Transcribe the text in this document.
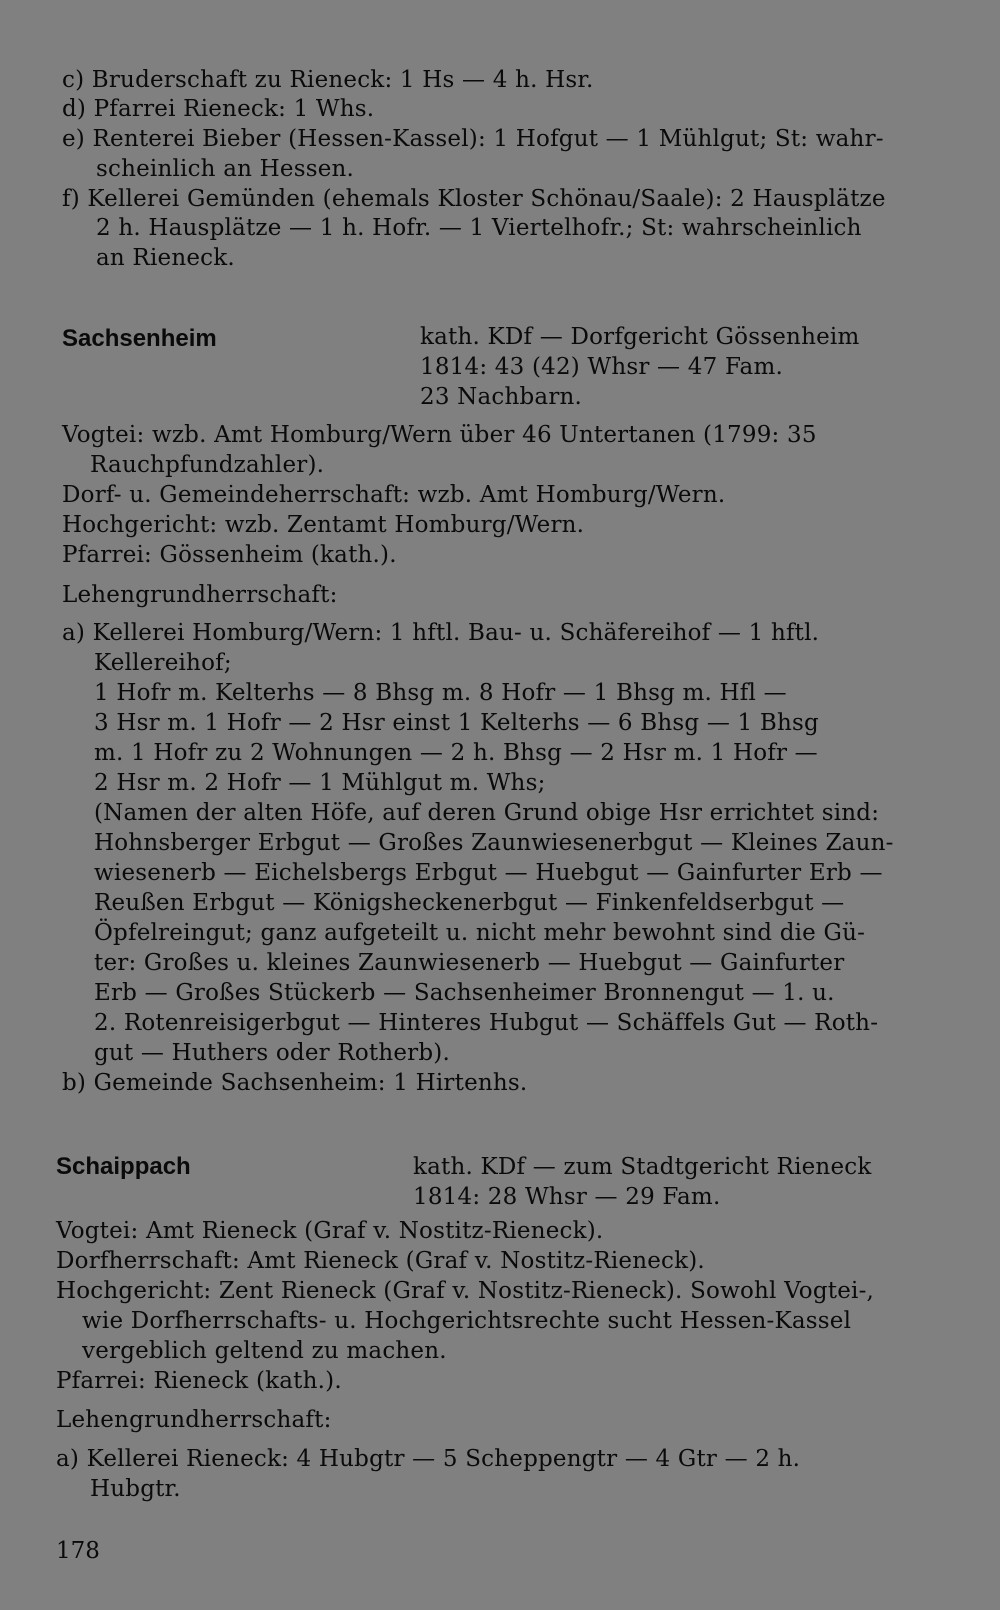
c) Bruderschaft zu Rieneck: 1 Hs — 4 h. Hsr.
d) Pfarrei Rieneck: 1 Whs.
e) Renterei Bieber (Hessen-Kassel): 1 Hofgut — 1 Mühlgut; St: wahr-
scheinlich an Hessen.
f) Kellerei Gemünden (ehemals Kloster Schönau/Saale): 2 Hausplätze
2 h. Hausplätze — 1 h. Hofr. — 1 Viertelhofr.; St: wahrscheinlich
an Rieneck.
Sachsenheim	kath. KDf — Dorfgericht Gössenheim
1814: 43 (42) Whsr — 47 Fam.
23 Nachbarn.
Vogtei: wzb. Amt Homburg/Wern über 46 Untertanen (1799: 35
Rauchpfundzahler).
Dorf- u. Gemeindeherrschaft: wzb. Amt Homburg/Wern.
Hochgericht: wzb. Zentamt Homburg/Wern.
Pfarrei: Gössenheim (kath.).
Lehengrundherrschaft:
a) Kellerei Homburg/Wern: 1 hftl. Bau- u. Schäfereihof — 1 hftl.
Kellereihof;
1 Hofr m. Kelterhs — 8 Bhsg m. 8 Hofr — 1 Bhsg m. Hfl —
3 Hsr m. 1 Hofr — 2 Hsr einst 1 Kelterhs — 6 Bhsg — 1 Bhsg
m. 1 Hofr zu 2 Wohnungen — 2 h. Bhsg — 2 Hsr m. 1 Hofr —
2 Hsr m. 2 Hofr — 1 Mühlgut m. Whs;
(Namen der alten Höfe, auf deren Grund obige Hsr errichtet sind:
Hohnsberger Erbgut — Großes Zaunwiesenerbgut — Kleines Zaun-
wiesenerb — Eichelsbergs Erbgut — Huebgut — Gainfurter Erb —
Reußen Erbgut — Königsheckenerbgut — Finkenfeldserbgut —
Öpfelreingut; ganz aufgeteilt u. nicht mehr bewohnt sind die Gü-
ter: Großes u. kleines Zaunwiesenerb — Huebgut — Gainfurter
Erb — Großes Stückerb — Sachsenheimer Bronnengut — 1. u.
2. Rotenreisigerbgut — Hinteres Hubgut — Schäffels Gut — Roth-
gut — Huthers oder Rotherb).
b) Gemeinde Sachsenheim: 1 Hirtenhs.
Schaippach	kath. KDf — zum Stadtgericht Rieneck
1814: 28 Whsr — 29 Fam.
Vogtei: Amt Rieneck (Graf v. Nostitz-Rieneck).
Dorfherrschaft: Amt Rieneck (Graf v. Nostitz-Rieneck).
Hochgericht: Zent Rieneck (Graf v. Nostitz-Rieneck). Sowohl Vogtei-,
wie Dorfherrschafts- u. Hochgerichtsrechte sucht Hessen-Kassel
vergeblich geltend zu machen.
Pfarrei: Rieneck (kath.).
Lehengrundherrschaft:
a) Kellerei Rieneck: 4 Hubgtr — 5 Scheppengtr — 4 Gtr — 2 h.
Hubgtr.
178
